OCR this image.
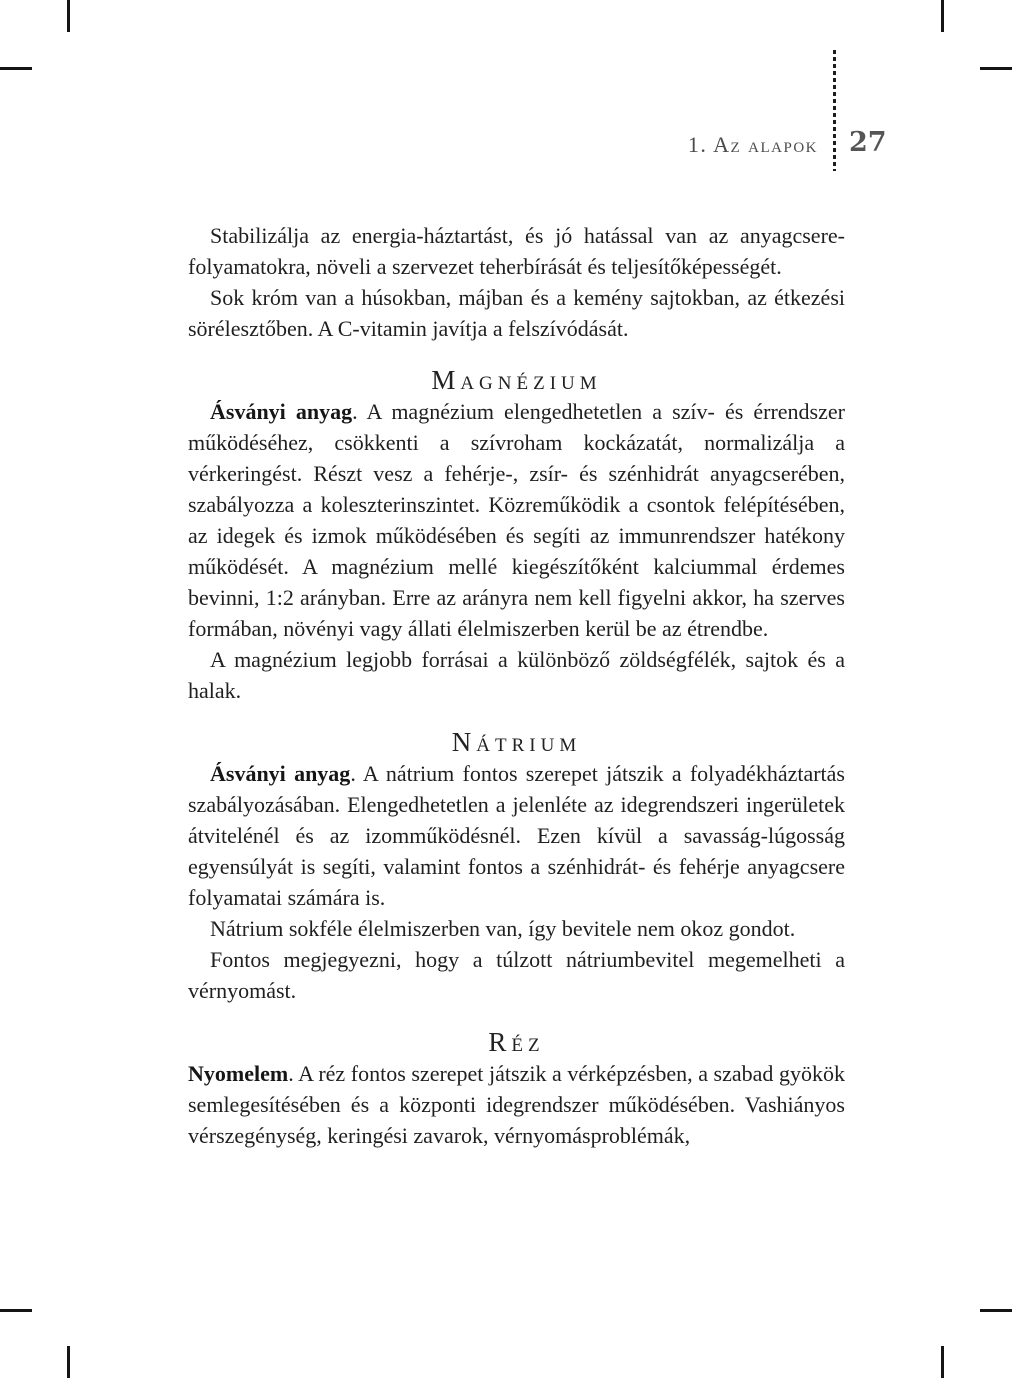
1. Az alapok 27

Stabilizálja az energia-háztartást, és jó hatással van az anyagcsere-folyamatokra, növeli a szervezet teherbírását és teljesítőképességét.

Sok króm van a húsokban, májban és a kemény sajtokban, az étkezési sörélesztőben. A C-vitamin javítja a felszívódását.

Magnézium

Ásványi anyag. A magnézium elengedhetetlen a szív- és érrendszer működéséhez, csökkenti a szívroham kockázatát, normalizálja a vérkeringést. Részt vesz a fehérje-, zsír- és szénhidrát anyagcserében, szabályozza a koleszterinszintet. Közreműködik a csontok felépítésében, az idegek és izmok működésében és segíti az immunrendszer hatékony működését. A magnézium mellé kiegészítőként kalciummal érdemes bevinni, 1:2 arányban. Erre az arányra nem kell figyelni akkor, ha szerves formában, növényi vagy állati élelmiszerben kerül be az étrendbe.

A magnézium legjobb forrásai a különböző zöldségfélék, sajtok és a halak.

Nátrium

Ásványi anyag. A nátrium fontos szerepet játszik a folyadékháztartás szabályozásában. Elengedhetetlen a jelenléte az idegrendszeri ingerületek átvitelénél és az izomműködésnél. Ezen kívül a savasság-lúgosság egyensúlyát is segíti, valamint fontos a szénhidrát- és fehérje anyagcsere folyamatai számára is.

Nátrium sokféle élelmiszerben van, így bevitele nem okoz gondot.

Fontos megjegyezni, hogy a túlzott nátriumbevitel megemelheti a vérnyomást.

Réz

Nyomelem. A réz fontos szerepet játszik a vérképzésben, a szabad gyökök semlegesítésében és a központi idegrendszer működésében. Vashiányos vérszegénység, keringési zavarok, vérnyomásproblémák,
